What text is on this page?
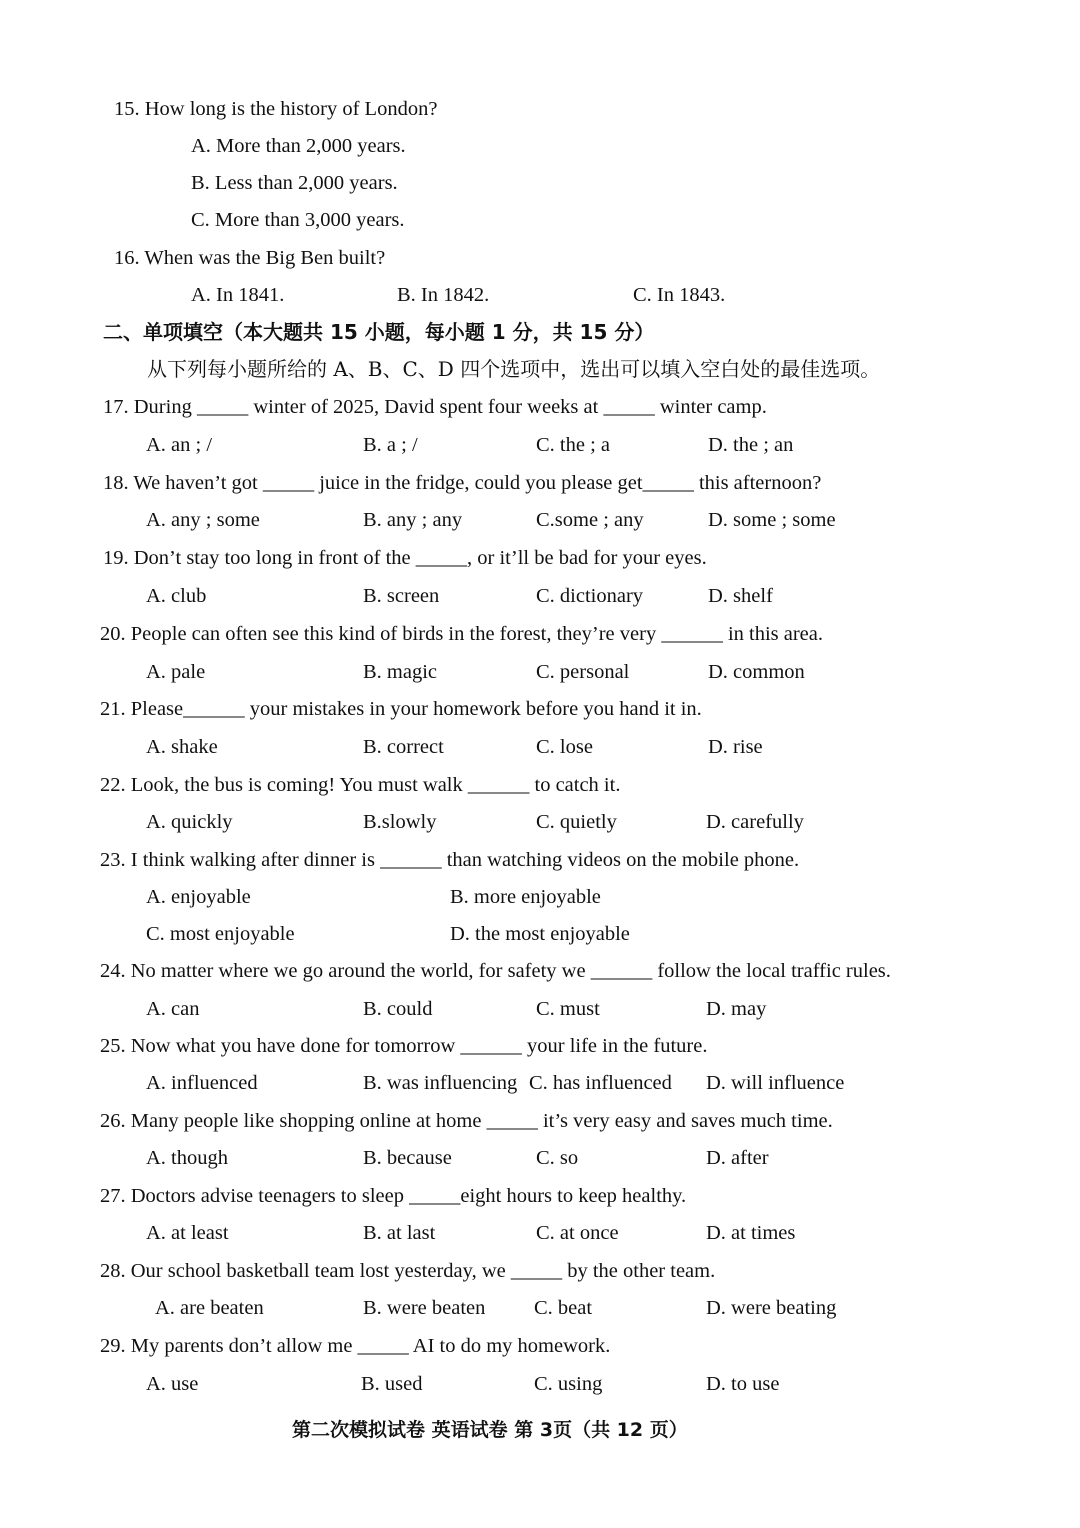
15. How long is the history of London?
A. More than 2,000 years.
B. Less than 2,000 years.
C. More than 3,000 years.
16. When was the Big Ben built?
A. In 1841.	B. In 1842.	C. In 1843.
二、单项填空（本大题共 15 小题，每小题 1 分，共 15 分）
从下列每小题所给的 A、B、C、D 四个选项中，选出可以填入空白处的最佳选项。
17. During _____ winter of 2025, David spent four weeks at _____ winter camp.
A. an ; /	B. a ; /	C. the ; a	D. the ; an
18. We haven’t got _____ juice in the fridge, could you please get_____ this afternoon?
A. any ; some	B. any ; any	C.some ; any	D. some ; some
19. Don’t stay too long in front of the _____, or it’ll be bad for your eyes.
A. club	B. screen	C. dictionary	D. shelf
20. People can often see this kind of birds in the forest, they’re very ______ in this area.
A. pale	B. magic	C. personal	D. common
21. Please______ your mistakes in your homework before you hand it in.
A. shake	B. correct	C. lose	D. rise
22. Look, the bus is coming! You must walk ______ to catch it.
A. quickly	B.slowly	C. quietly	D. carefully
23. I think walking after dinner is ______ than watching videos on the mobile phone.
A. enjoyable	B. more enjoyable
C. most enjoyable	D. the most enjoyable
24. No matter where we go around the world, for safety we ______ follow the local traffic rules.
A. can	B. could	C. must	D. may
25. Now what you have done for tomorrow ______ your life in the future.
A. influenced	B. was influencing C. has influenced D. will influence
26. Many people like shopping online at home _____ it’s very easy and saves much time.
A. though	B. because	C. so	D. after
27. Doctors advise teenagers to sleep _____eight hours to keep healthy.
A. at least	B. at last	C. at once	D. at times
28. Our school basketball team lost yesterday, we _____ by the other team.
A. are beaten	B. were beaten C. beat	D. were beating
29. My parents don’t allow me _____ AI to do my homework.
A. use	B. used	C. using	D. to use
第二次模拟试卷 英语试卷 第 3页（共 12 页）
